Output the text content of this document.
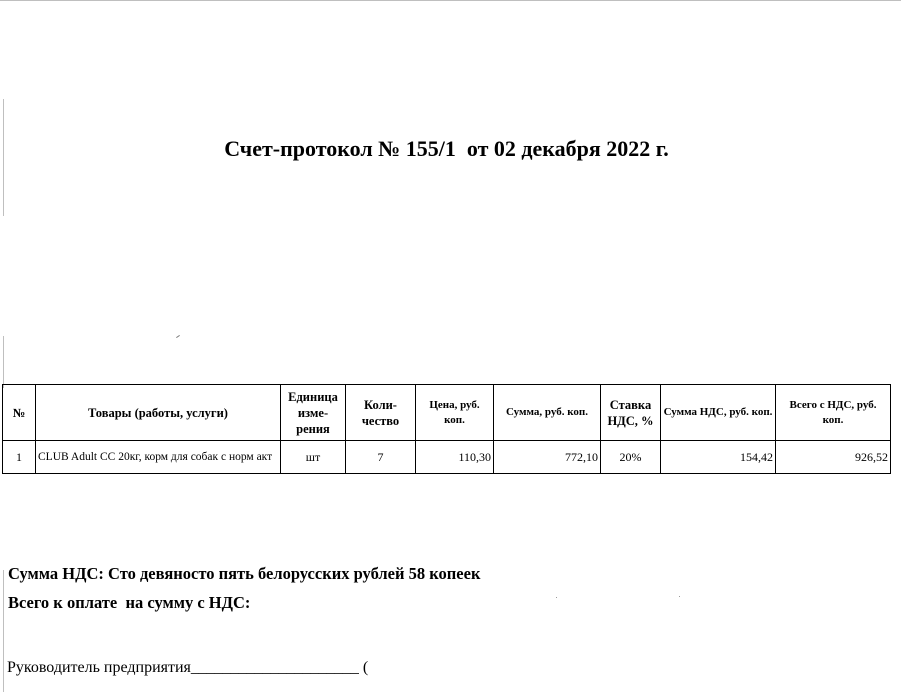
Счет-протокол № 155/1  от 02 декабря 2022 г.
№	Товары (работы, услуги)	Единица изме-рения	Коли-чество	Цена, руб. коп.	Сумма, руб. коп.	Ставка НДС, %	Сумма НДС, руб. коп.	Всего с НДС, руб. коп.
1	CLUB Adult CC 20кг, корм для собак с норм акт	шт	7	110,30	772,10	20%	154,42	926,52
Сумма НДС: Сто девяносто пять белорусских рублей 58 копеек
Всего к оплате  на сумму с НДС:
Руководитель предприятия_____________________ (
